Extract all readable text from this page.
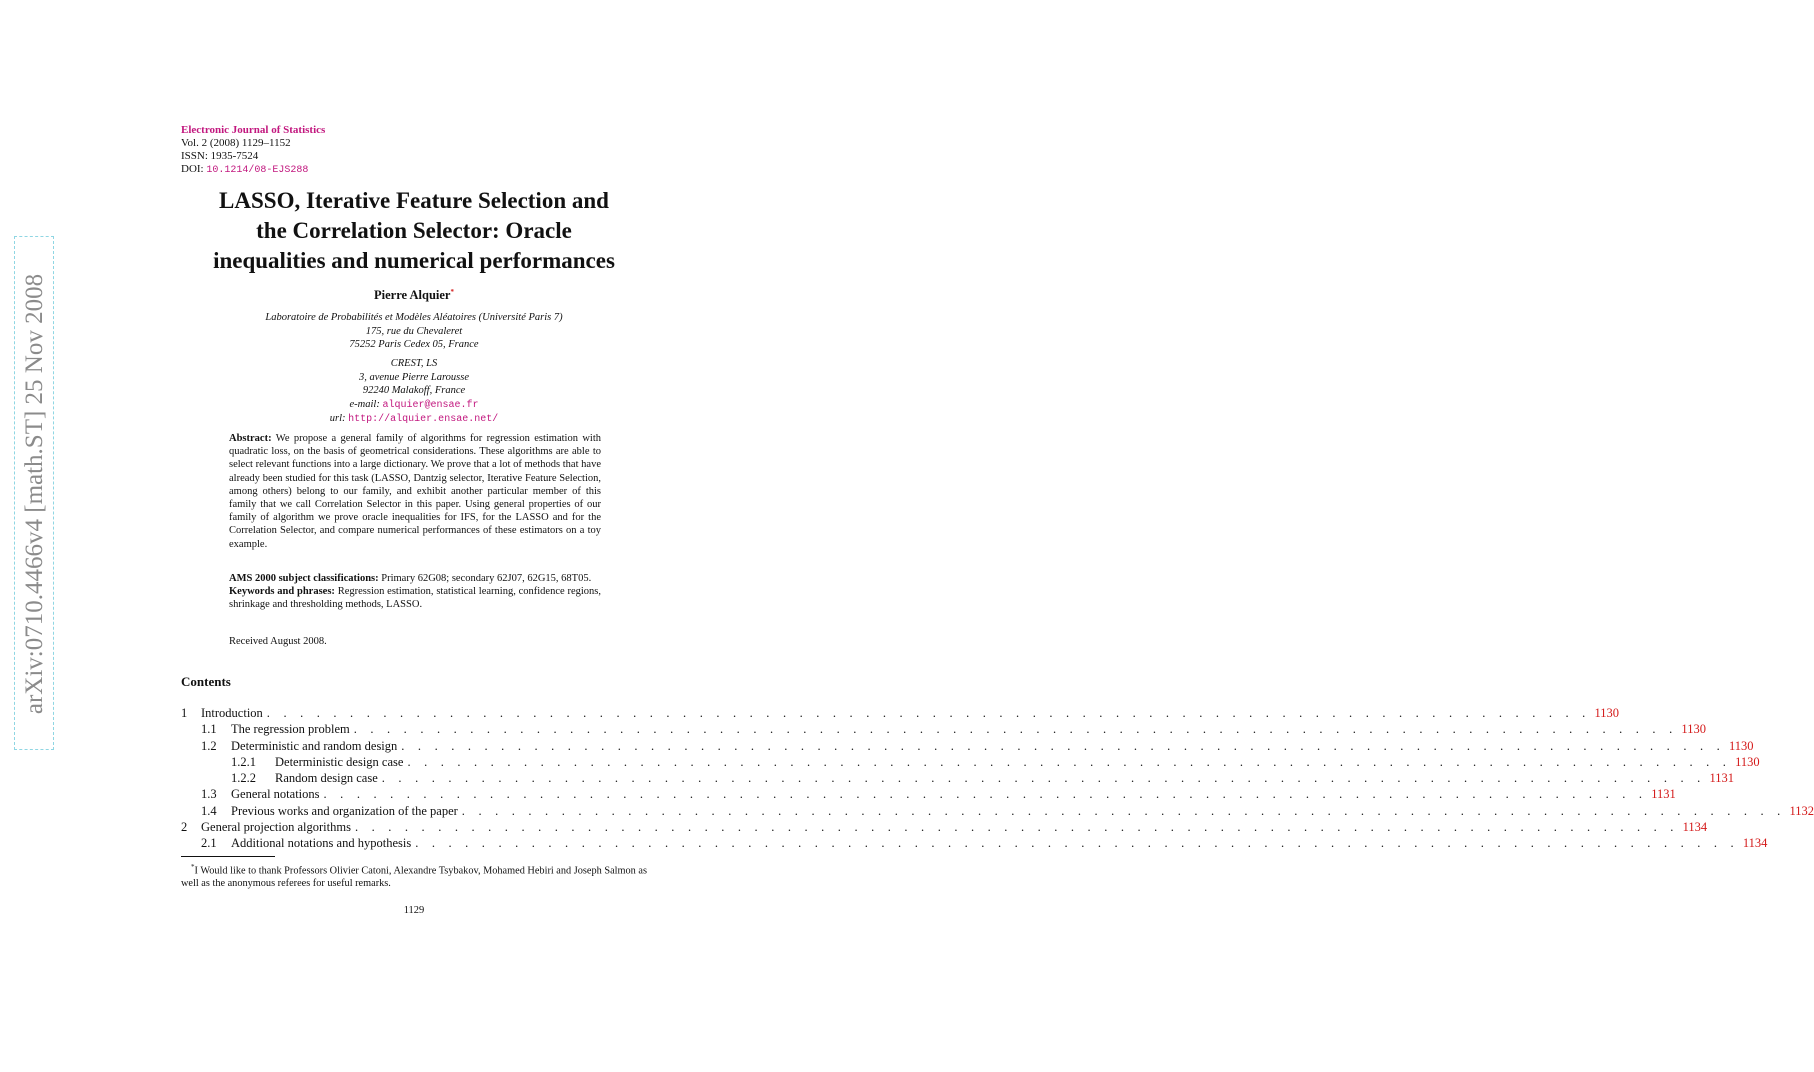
arXiv:0710.4466v4 [math.ST] 25 Nov 2008
Electronic Journal of Statistics
Vol. 2 (2008) 1129–1152
ISSN: 1935-7524
DOI: 10.1214/08-EJS288
LASSO, Iterative Feature Selection and
the Correlation Selector: Oracle
inequalities and numerical performances
Pierre Alquier*
Laboratoire de Probabilités et Modèles Aléatoires (Université Paris 7)
175, rue du Chevaleret
75252 Paris Cedex 05, France
CREST, LS
3, avenue Pierre Larousse
92240 Malakoff, France
e-mail: alquier@ensae.fr
url: http://alquier.ensae.net/
Abstract: We propose a general family of algorithms for regression estimation with quadratic loss, on the basis of geometrical considerations. These algorithms are able to select relevant functions into a large dictionary. We prove that a lot of methods that have already been studied for this task (LASSO, Dantzig selector, Iterative Feature Selection, among others) belong to our family, and exhibit another particular member of this family that we call Correlation Selector in this paper. Using general properties of our family of algorithm we prove oracle inequalities for IFS, for the LASSO and for the Correlation Selector, and compare numerical performances of these estimators on a toy example.
AMS 2000 subject classifications: Primary 62G08; secondary 62J07, 62G15, 68T05.
Keywords and phrases: Regression estimation, statistical learning, confidence regions, shrinkage and thresholding methods, LASSO.
Received August 2008.
Contents
1	Introduction . . . . . . . . . . . . . . . . . . . . . . . . . . . . . . . . . . . . . . . . . . . . . . . . . . . . . . . . . . . . . . . . . . . . . . . . . . . . . . . . 1130
1.1	The regression problem . . . . . . . . . . . . . . . . . . . . . . . . . . . . . . . . . . . . . . . . . . . . . . . . . . . . . . . . . . . . . . . . . . . . . . . . . . . . . . . . 1130
1.2	Deterministic and random design . . . . . . . . . . . . . . . . . . . . . . . . . . . . . . . . . . . . . . . . . . . . . . . . . . . . . . . . . . . . . . . . . . . . . . . . . . . . . . . . 1130
1.2.1	Deterministic design case . . . . . . . . . . . . . . . . . . . . . . . . . . . . . . . . . . . . . . . . . . . . . . . . . . . . . . . . . . . . . . . . . . . . . . . . . . . . . . . . 1130
1.2.2	Random design case . . . . . . . . . . . . . . . . . . . . . . . . . . . . . . . . . . . . . . . . . . . . . . . . . . . . . . . . . . . . . . . . . . . . . . . . . . . . . . . . 1131
1.3	General notations . . . . . . . . . . . . . . . . . . . . . . . . . . . . . . . . . . . . . . . . . . . . . . . . . . . . . . . . . . . . . . . . . . . . . . . . . . . . . . . . 1131
1.4	Previous works and organization of the paper . . . . . . . . . . . . . . . . . . . . . . . . . . . . . . . . . . . . . . . . . . . . . . . . . . . . . . . . . . . . . . . . . . . . . . . . . . . . . . . . 1132
2	General projection algorithms . . . . . . . . . . . . . . . . . . . . . . . . . . . . . . . . . . . . . . . . . . . . . . . . . . . . . . . . . . . . . . . . . . . . . . . . . . . . . . . . 1134
2.1	Additional notations and hypothesis . . . . . . . . . . . . . . . . . . . . . . . . . . . . . . . . . . . . . . . . . . . . . . . . . . . . . . . . . . . . . . . . . . . . . . . . . . . . . . . . 1134
*I Would like to thank Professors Olivier Catoni, Alexandre Tsybakov, Mohamed Hebiri and Joseph Salmon as well as the anonymous referees for useful remarks.
1129
